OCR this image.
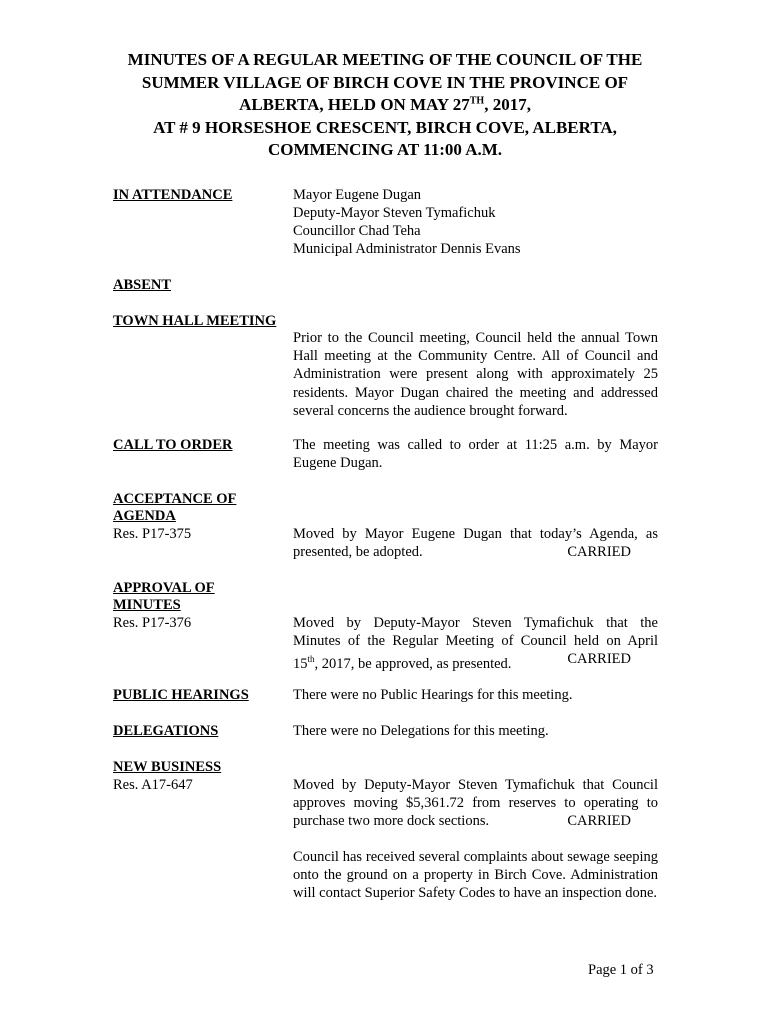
MINUTES OF A REGULAR MEETING OF THE COUNCIL OF THE
SUMMER VILLAGE OF BIRCH COVE IN THE PROVINCE OF
ALBERTA, HELD ON MAY 27TH, 2017,
AT # 9 HORSESHOE CRESCENT, BIRCH COVE, ALBERTA,
COMMENCING AT 11:00 A.M.
IN ATTENDANCE	Mayor Eugene Dugan
Deputy-Mayor Steven Tymafichuk
Councillor Chad Teha
Municipal Administrator Dennis Evans
ABSENT
TOWN HALL MEETING
Prior to the Council meeting, Council held the annual Town Hall meeting at the Community Centre. All of Council and Administration were present along with approximately 25 residents. Mayor Dugan chaired the meeting and addressed several concerns the audience brought forward.
CALL TO ORDER	The meeting was called to order at 11:25 a.m. by Mayor Eugene Dugan.
ACCEPTANCE OF
AGENDA
Res. P17-375	Moved by Mayor Eugene Dugan that today’s Agenda, as
presented, be adopted.	CARRIED
APPROVAL OF
MINUTES
Res. P17-376	Moved by Deputy-Mayor Steven Tymafichuk that the
Minutes of the Regular Meeting of Council held on April
15th, 2017, be approved, as presented.	CARRIED
PUBLIC HEARINGS	There were no Public Hearings for this meeting.
DELEGATIONS	There were no Delegations for this meeting.
NEW BUSINESS
Res. A17-647	Moved by Deputy-Mayor Steven Tymafichuk that Council
approves moving $5,361.72 from reserves to operating to
purchase two more dock sections.	CARRIED
Council has received several complaints about sewage seeping onto the ground on a property in Birch Cove. Administration will contact Superior Safety Codes to have an inspection done.
Page 1 of 3
